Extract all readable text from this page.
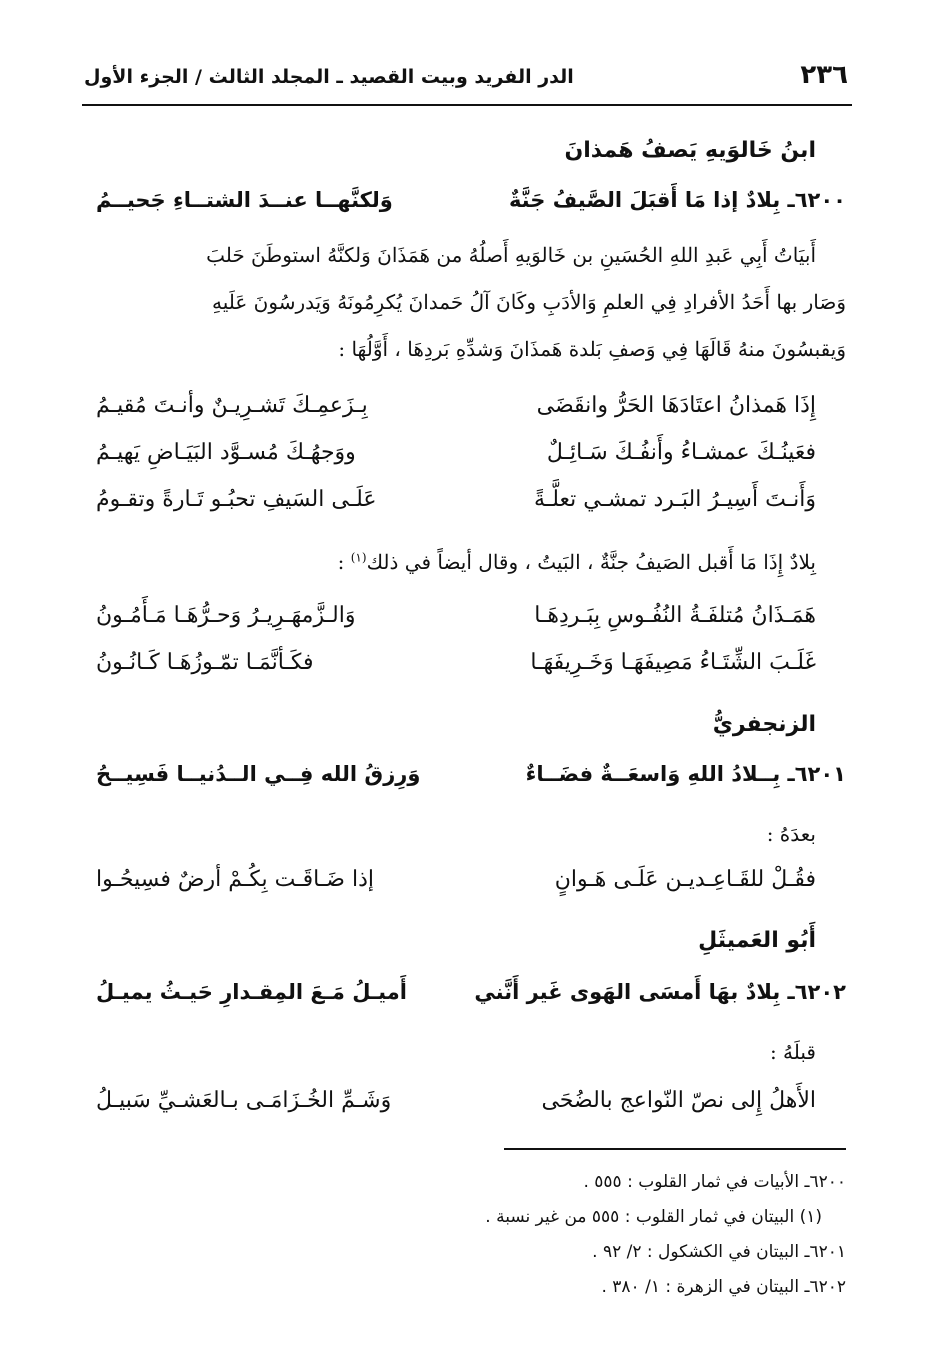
٢٣٦
الدر الفريد وبيت القصيد ـ المجلد الثالث / الجزء الأول
ابنُ خَالوَيهِ يَصفُ هَمذانَ
٦٢٠٠ـ بِلادٌ إذا مَا أَقبَلَ الصَّيفُ جَنَّةٌ
وَلكنَّهــا عنــدَ الشتــاءِ جَحيــمُ
أَبيَاتُ أَبِي عَبدِ اللهِ الحُسَينِ بن خَالوَيهِ أَصلُهُ من هَمَذَانَ وَلكنَّهُ استوطَنَ حَلبَ
وَصَار بها أَحَدُ الأفرادِ فِي العلمِ وَالأدَبِ وكَانَ آلُ حَمدانَ يُكرِمُونَهُ وَيَدرسُونَ عَلَيهِ
وَيقبسُونَ منهُ قَالَهَا فِي وَصفِ بَلدة هَمذَانَ وَشدِّهِ بَردِهَا ، أَوَّلُهَا :
إِذَا هَمذانُ اعتَادَهَا الحَرُّ وانقَضَى
بِـزَعمِـكَ تَشـرِيـنٌ وأنـتَ مُقيـمُ
فعَينُـكَ عمشـاءُ وأَنفُـكَ سَـائِـلٌ
ووَجهُـكَ مُسـوَّد البَيَـاضِ يَهيـمُ
وَأَنـتَ أَسِيـرُ البَـرد تمشـي تعلَّـةً
عَلَـى السَيفِ تحبُـو تَـارةً وتقـومُ
بِلادٌ إِذَا مَا أَقبل الصَيفُ جنَّةٌ ، البَيتُ ، وقال أيضاً في ذلك$^{(١)}$ :
هَمَـذَانُ مُتلفَـةُ النُفُـوسِ بِبَـردِهَـا
وَالـزَّمهَـرِيـرُ وَحـرُّهَـا مَـأَمُـونُ
غَلَـبَ الشِّتَـاءُ مَصِيفَهَـا وَخَـرِيفَهَـا
فكَـأنَّمَـا تمّـوزُهَـا كَـانُـونُ
الزنجفريُّ
٦٢٠١ـ بِــلادُ اللهِ وَاسعَــةٌ فضَــاءٌ
وَرِزقُ الله فِــي الــدُنيــا فَسِيــحُ
بعدَهُ :
فقُـلْ للقَـاعِـديـن عَلَـى هَـوانٍ
إذا ضَـاقَـت بِكُـمْ أرضٌ فسِيحُـوا
أَبُو العَميثَلِ
٦٢٠٢ـ بِلادٌ بهَا أَمسَى الهَوى غَير أَنَّني
أَميـلُ مَـعَ المِقـدارِ حَيـثُ يميـلُ
قبلَهُ :
الأَهلُ إِلى نصّ النّواعج بالضُحَى
وَشَـمِّ الخُـزَامَـى بـالعَشـيِّ سَبيـلُ
٦٢٠٠ـ الأبيات في ثمار القلوب : ٥٥٥ .
(١) البيتان في ثمار القلوب : ٥٥٥ من غير نسبة .
٦٢٠١ـ البيتان في الكشكول : ٢/ ٩٢ .
٦٢٠٢ـ البيتان في الزهرة : ١/ ٣٨٠ .
